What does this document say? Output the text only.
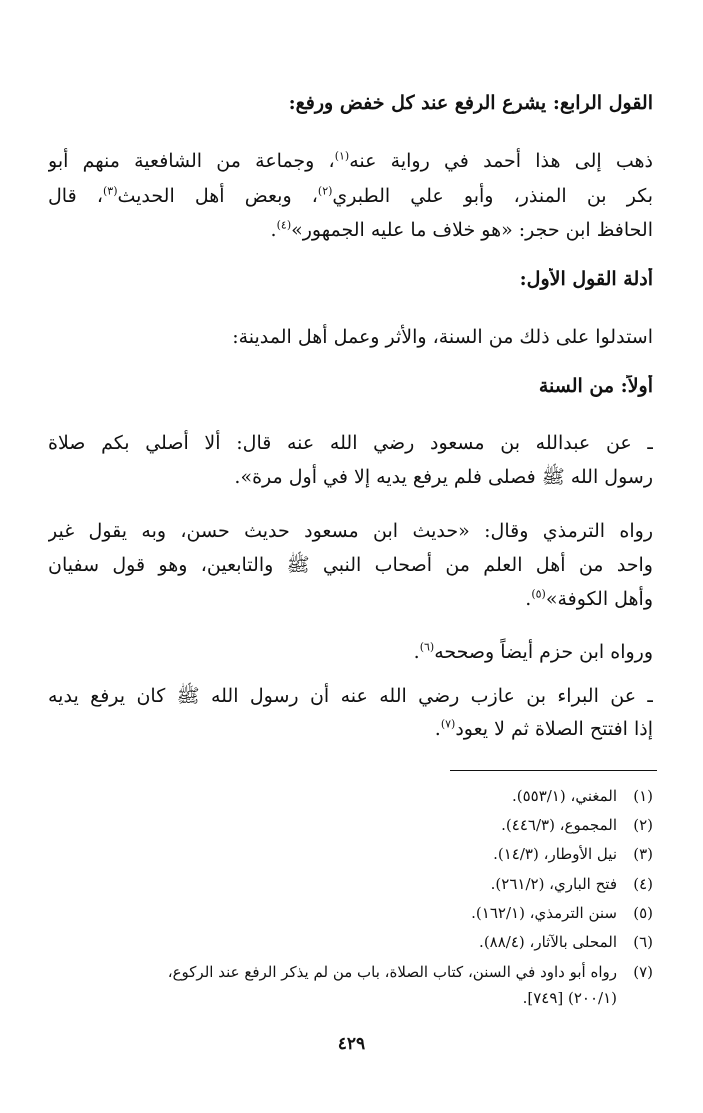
القول الرابع: يشرع الرفع عند كل خفض ورفع:
ذهب إلى هذا أحمد في رواية عنه$^{(١)}$، وجماعة من الشافعية منهم أبو
بكر بن المنذر، وأبو علي الطبري$^{(٢)}$، وبعض أهل الحديث$^{(٣)}$، قال
الحافظ ابن حجر: «هو خلاف ما عليه الجمهور»$^{(٤)}$.
أدلة القول الأول:
استدلوا على ذلك من السنة، والأثر وعمل أهل المدينة:
أولاً: من السنة
ـ عن عبدالله بن مسعود رضي الله عنه قال: ألا أصلي بكم صلاة
رسول الله ﷺ فصلى فلم يرفع يديه إلا في أول مرة».
رواه الترمذي وقال: «حديث ابن مسعود حديث حسن، وبه يقول غير
واحد من أهل العلم من أصحاب النبي ﷺ والتابعين، وهو قول سفيان
وأهل الكوفة»$^{(٥)}$.
ورواه ابن حزم أيضاً وصححه$^{(٦)}$.
ـ عن البراء بن عازب رضي الله عنه أن رسول الله ﷺ كان يرفع يديه
إذا افتتح الصلاة ثم لا يعود$^{(٧)}$.
(١)المغني، (٥٥٣/١).
(٢)المجموع، (٤٤٦/٣).
(٣)نيل الأوطار، (١٤/٣).
(٤)فتح الباري، (٢٦١/٢).
(٥)سنن الترمذي، (١٦٢/١).
(٦)المحلى بالآثار، (٨٨/٤).
(٧)رواه أبو داود في السنن، كتاب الصلاة، باب من لم يذكر الرفع عند الركوع،
(٢٠٠/١) [٧٤٩].
٤٢٩
